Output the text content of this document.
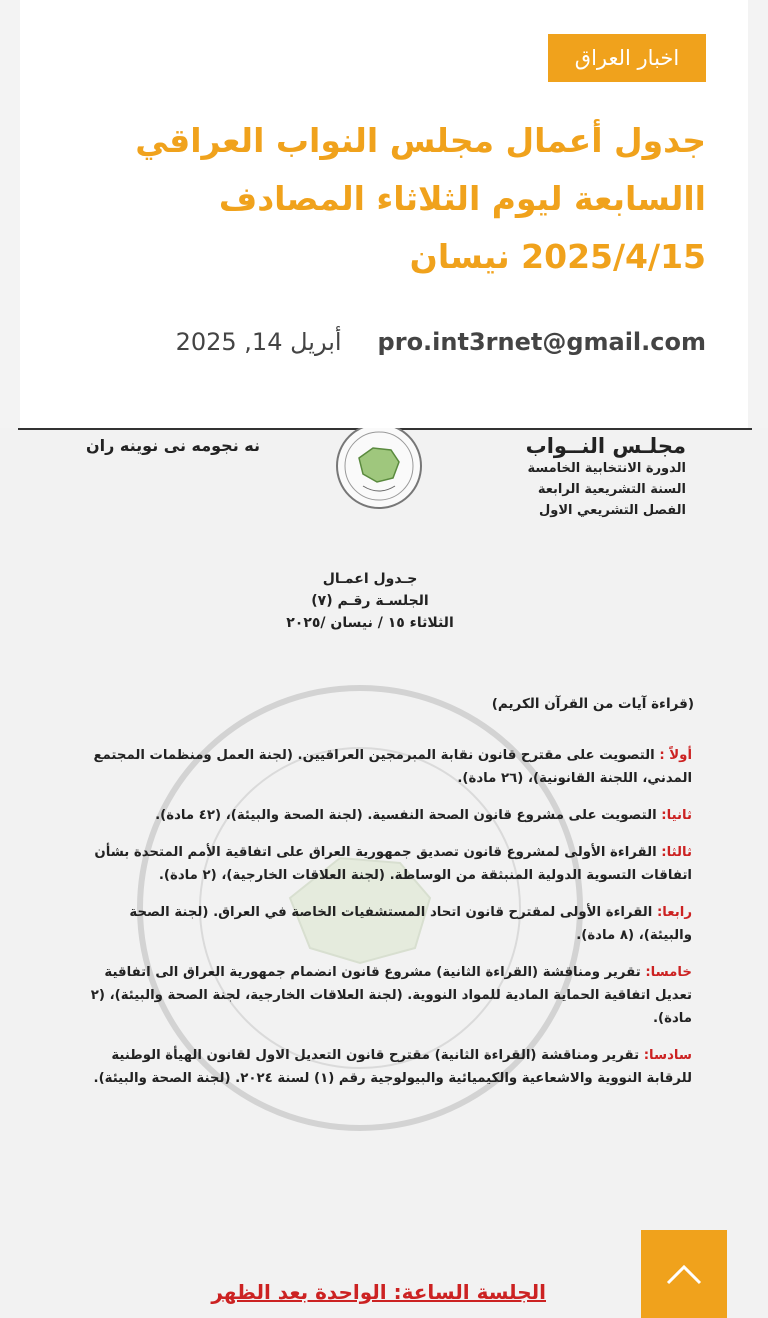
اخبار العراق
جدول أعمال مجلس النواب العراقي االسابعة ليوم الثلاثاء المصادف 2025/4/15 نيسان
pro.int3rnet@gmail.com
أبريل 14, 2025
مجلـس النــواب
الدورة الانتخابية الخامسة
السنة التشريعية الرابعة
الفصل التشريعي الاول
نه نجومه نی نوینه ران
جـدول اعمـال
الجلسـة رقـم (٧)
الثلاثاء ١٥ / نيسان /٢٠٢٥
(قراءة آيات من القرآن الكريم)
أولاً : التصويت على مقترح قانون نقابة المبرمجين العراقيين. (لجنة العمل ومنظمات المجتمع المدني، اللجنة القانونية)، (٢٦ مادة).
ثانيا: التصويت على مشروع قانون الصحة النفسية. (لجنة الصحة والبيئة)، (٤٢ مادة).
ثالثا: القراءة الأولى لمشروع قانون تصديق جمهورية العراق على اتفاقية الأمم المتحدة بشأن اتفاقات التسوية الدولية المنبثقة من الوساطة. (لجنة العلاقات الخارجية)، (٢ مادة).
رابعا: القراءة الأولى لمقترح قانون اتحاد المستشفيات الخاصة في العراق. (لجنة الصحة والبيئة)، (٨ مادة).
خامسا: تقرير ومناقشة (القراءة الثانية) مشروع قانون انضمام جمهورية العراق الى اتفاقية تعديل اتفاقية الحماية المادية للمواد النووية. (لجنة العلاقات الخارجية، لجنة الصحة والبيئة)، (٢ مادة).
سادسا: تقرير ومناقشة (القراءة الثانية) مقترح قانون التعديل الاول لقانون الهيأة الوطنية للرقابة النووية والاشعاعية والكيميائية والبيولوجية رقم (١) لسنة ٢٠٢٤. (لجنة الصحة والبيئة).
الجلسة الساعة: الواحدة بعد الظهر
